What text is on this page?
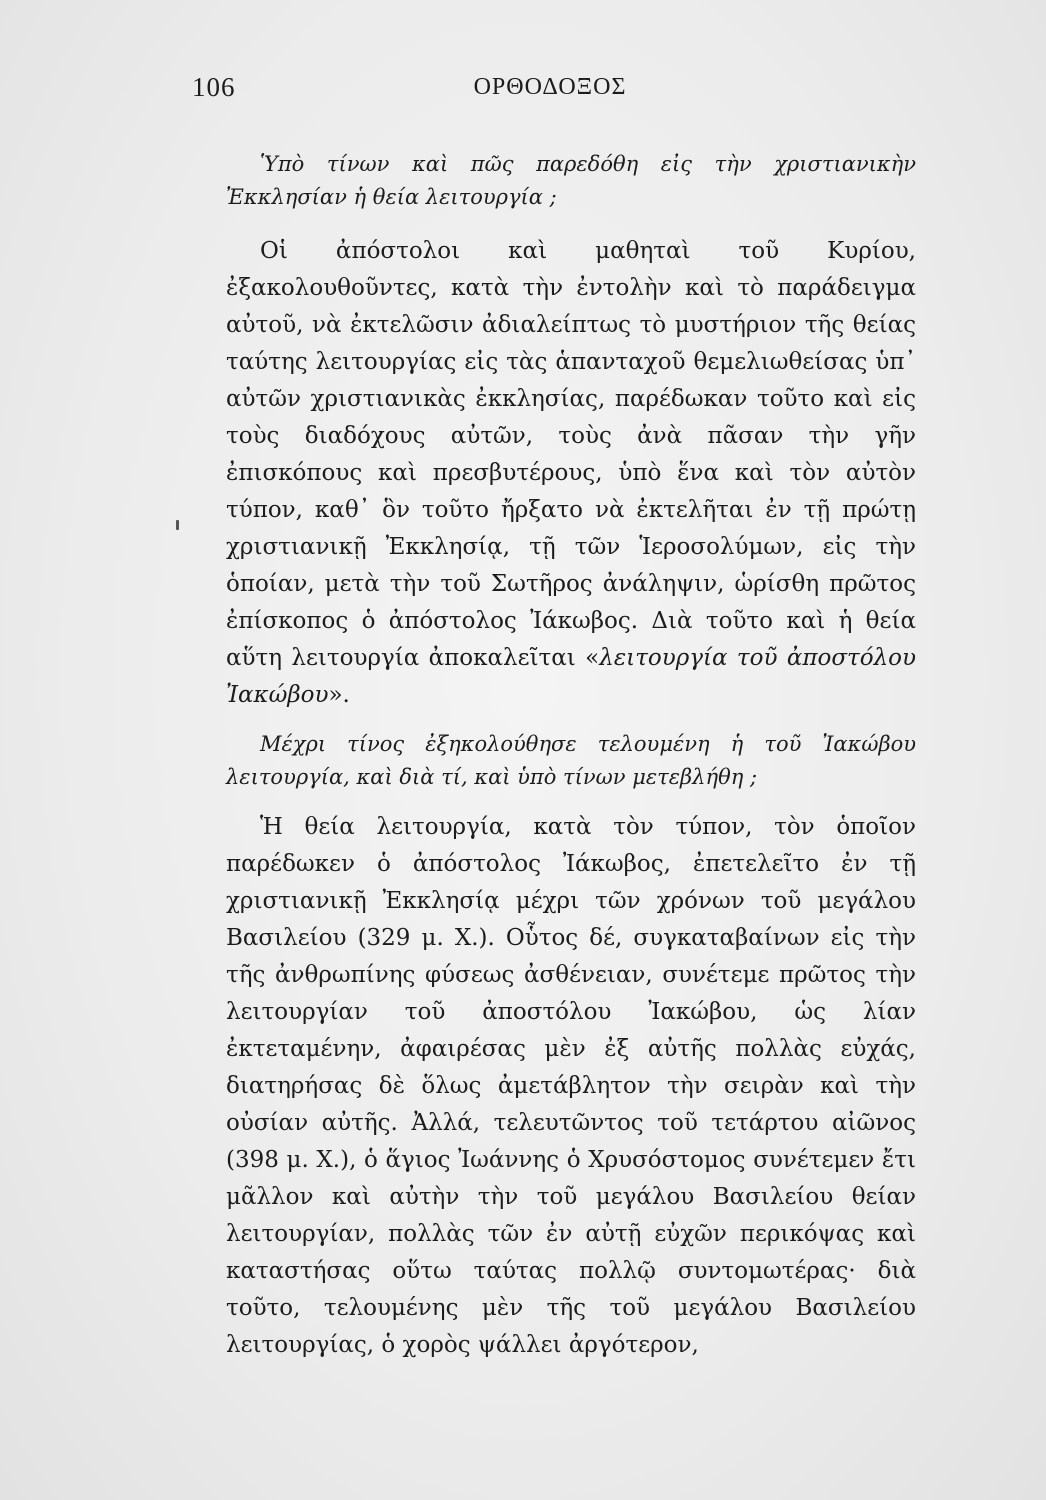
106	ΟΡΘΟΔΟΞΟΣ

Ὑπὸ τίνων καὶ πῶς παρεδόθη εἰς τὴν χριστιανικὴν Ἐκκλησίαν ἡ θεία λειτουργία ;

Οἱ ἀπόστολοι καὶ μαθηταὶ τοῦ Κυρίου, ἐξακολουθοῦντες, κατὰ τὴν ἐντολὴν καὶ τὸ παράδειγμα αὐτοῦ, νὰ ἐκτελῶσιν ἀδιαλείπτως τὸ μυστήριον τῆς θείας ταύτης λειτουργίας εἰς τὰς ἁπανταχοῦ θεμελιωθείσας ὑπ᾽ αὐτῶν χριστιανικὰς ἐκκλησίας, παρέδωκαν τοῦτο καὶ εἰς τοὺς διαδόχους αὐτῶν, τοὺς ἀνὰ πᾶσαν τὴν γῆν ἐπισκόπους καὶ πρεσβυτέρους, ὑπὸ ἕνα καὶ τὸν αὐτὸν τύπον, καθ᾽ ὃν τοῦτο ἤρξατο νὰ ἐκτελῆται ἐν τῇ πρώτῃ χριστιανικῇ Ἐκκλησίᾳ, τῇ τῶν Ἱεροσολύμων, εἰς τὴν ὁποίαν, μετὰ τὴν τοῦ Σωτῆρος ἀνάληψιν, ὡρίσθη πρῶτος ἐπίσκοπος ὁ ἀπόστολος Ἰάκωβος. Διὰ τοῦτο καὶ ἡ θεία αὕτη λειτουργία ἀποκαλεῖται «λειτουργία τοῦ ἀποστόλου Ἰακώβου».

Μέχρι τίνος ἐξηκολούθησε τελουμένη ἡ τοῦ Ἰακώβου λειτουργία, καὶ διὰ τί, καὶ ὑπὸ τίνων μετεβλήθη ;

Ἡ θεία λειτουργία, κατὰ τὸν τύπον, τὸν ὁποῖον παρέδωκεν ὁ ἀπόστολος Ἰάκωβος, ἐπετελεῖτο ἐν τῇ χριστιανικῇ Ἐκκλησίᾳ μέχρι τῶν χρόνων τοῦ μεγάλου Βασιλείου (329 μ. Χ.). Οὗτος δέ, συγκαταβαίνων εἰς τὴν τῆς ἀνθρωπίνης φύσεως ἀσθένειαν, συνέτεμε πρῶτος τὴν λειτουργίαν τοῦ ἀποστόλου Ἰακώβου, ὡς λίαν ἐκτεταμένην, ἀφαιρέσας μὲν ἐξ αὐτῆς πολλὰς εὐχάς, διατηρήσας δὲ ὅλως ἀμετάβλητον τὴν σειρὰν καὶ τὴν οὐσίαν αὐτῆς. Ἀλλά, τελευτῶντος τοῦ τετάρτου αἰῶνος (398 μ. Χ.), ὁ ἅγιος Ἰωάννης ὁ Χρυσόστομος συνέτεμεν ἔτι μᾶλλον καὶ αὐτὴν τὴν τοῦ μεγάλου Βασιλείου θείαν λειτουργίαν, πολλὰς τῶν ἐν αὐτῇ εὐχῶν περικόψας καὶ καταστήσας οὕτω ταύτας πολλῷ συντομωτέρας· διὰ τοῦτο, τελουμένης μὲν τῆς τοῦ μεγάλου Βασιλείου λειτουργίας, ὁ χορὸς ψάλλει ἀργότερον,
